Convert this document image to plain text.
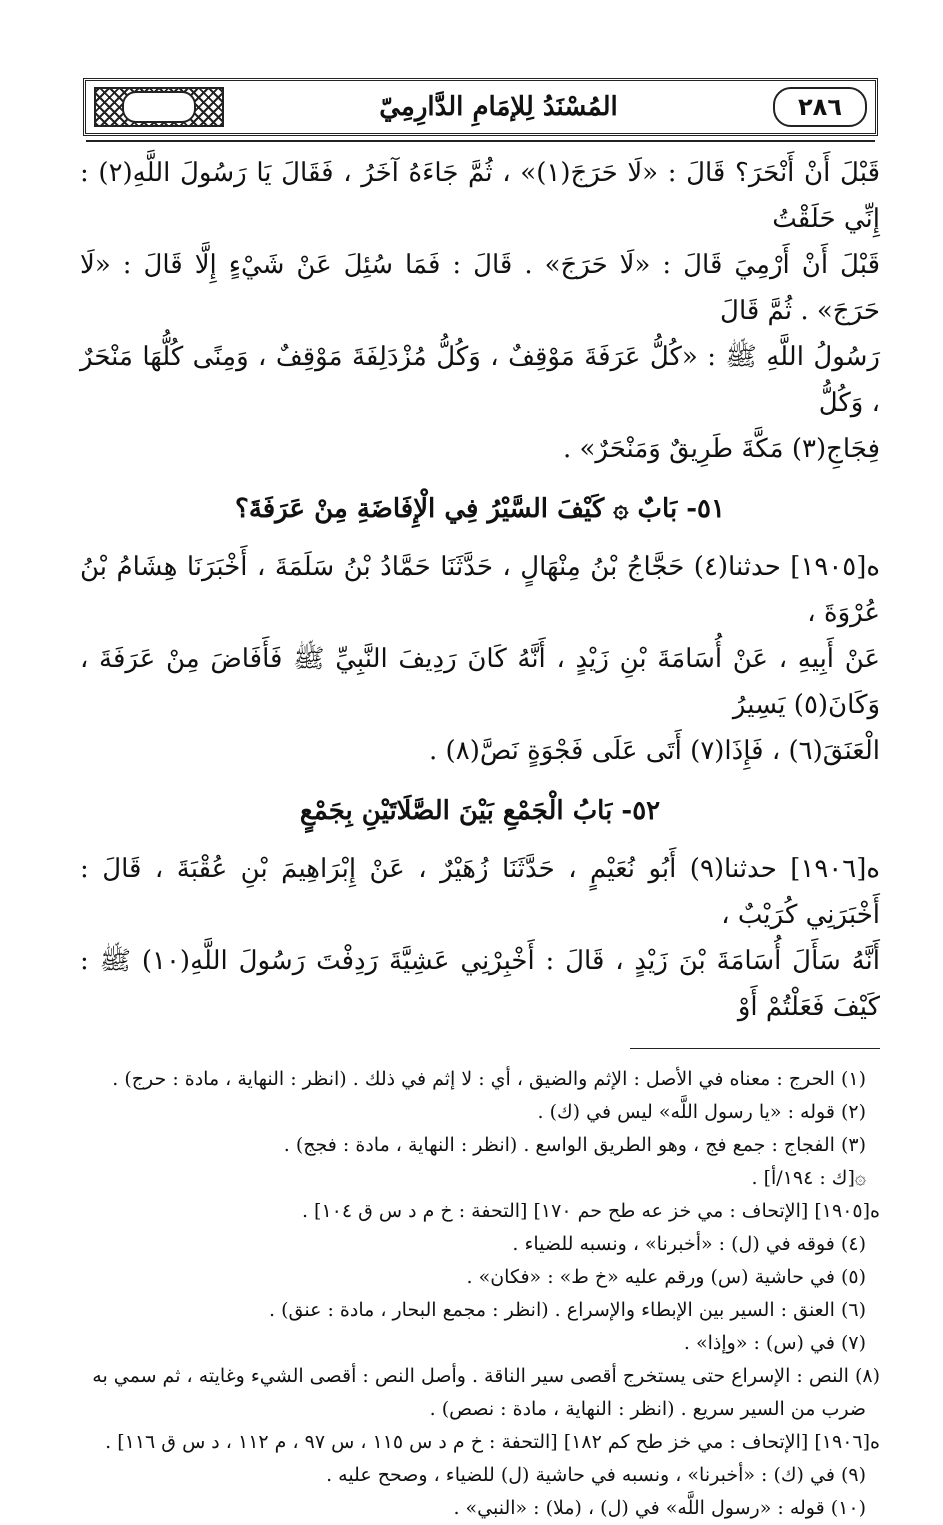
المُسْنَدُ لِلإمَامِ الدَّارِمِيّ	٢٨٦

قَبْلَ أَنْ أَنْحَرَ؟ قَالَ : «لَا حَرَجَ(١)» ، ثُمَّ جَاءَهُ آخَرُ ، فَقَالَ يَا رَسُولَ اللَّهِ(٢) : إِنِّي حَلَقْتُ

قَبْلَ أَنْ أَرْمِيَ قَالَ : «لَا حَرَجَ» . قَالَ : فَمَا سُئِلَ عَنْ شَيْءٍ إِلَّا قَالَ : «لَا حَرَجَ» . ثُمَّ قَالَ

رَسُولُ اللَّهِ ﷺ : «كُلُّ عَرَفَةَ مَوْقِفٌ ، وَكُلُّ مُزْدَلِفَةَ مَوْقِفٌ ، وَمِنًى كُلُّهَا مَنْحَرٌ ، وَكُلُّ

فِجَاجِ(٣) مَكَّةَ طَرِيقٌ وَمَنْحَرٌ» .

٥١- بَابٌ ۞ كَيْفَ السَّيْرُ فِي الْإِفَاضَةِ مِنْ عَرَفَةَ؟

ه[١٩٠٥] حدثنا(٤) حَجَّاجُ بْنُ مِنْهَالٍ ، حَدَّثَنَا حَمَّادُ بْنُ سَلَمَةَ ، أَخْبَرَنَا هِشَامُ بْنُ عُرْوَةَ ،

عَنْ أَبِيهِ ، عَنْ أُسَامَةَ بْنِ زَيْدٍ ، أَنَّهُ كَانَ رَدِيفَ النَّبِيِّ ﷺ فَأَفَاضَ مِنْ عَرَفَةَ ، وَكَانَ(٥) يَسِيرُ

الْعَنَقَ(٦) ، فَإِذَا(٧) أَتَى عَلَى فَجْوَةٍ نَصَّ(٨) .

٥٢- بَابُ الْجَمْعِ بَيْنَ الصَّلَاتَيْنِ بِجَمْعٍ

ه[١٩٠٦] حدثنا(٩) أَبُو نُعَيْمٍ ، حَدَّثَنَا زُهَيْرٌ ، عَنْ إِبْرَاهِيمَ بْنِ عُقْبَةَ ، قَالَ : أَخْبَرَنِي كُرَيْبٌ ،

أَنَّهُ سَأَلَ أُسَامَةَ بْنَ زَيْدٍ ، قَالَ : أَخْبِرْنِي عَشِيَّةَ رَدِفْتَ رَسُولَ اللَّهِ(١٠) ﷺ : كَيْفَ فَعَلْتُمْ أَوْ

(١) الحرج : معناه في الأصل : الإثم والضيق ، أي : لا إثم في ذلك . (انظر : النهاية ، مادة : حرج) .

(٢) قوله : «يا رسول اللَّه» ليس في (ك) .

(٣) الفجاج : جمع فج ، وهو الطريق الواسع . (انظر : النهاية ، مادة : فجج) .

۞[ك : ١٩٤/أ] .

ه[١٩٠٥] [الإتحاف : مي خز عه طح حم ١٧٠] [التحفة : خ م د س ق ١٠٤] .

(٤) فوقه في (ل) : «أخبرنا» ، ونسبه للضياء .

(٥) في حاشية (س) ورقم عليه «خ ط» : «فكان» .

(٦) العنق : السير بين الإبطاء والإسراع . (انظر : مجمع البحار ، مادة : عنق) .

(٧) في (س) : «وإذا» .

(٨) النص : الإسراع حتى يستخرج أقصى سير الناقة . وأصل النص : أقصى الشيء وغايته ، ثم سمي به

ضرب من السير سريع . (انظر : النهاية ، مادة : نصص) .

ه[١٩٠٦] [الإتحاف : مي خز طح كم ١٨٢] [التحفة : خ م د س ١١٥ ، س ٩٧ ، م ١١٢ ، د س ق ١١٦] .

(٩) في (ك) : «أخبرنا» ، ونسبه في حاشية (ل) للضياء ، وصحح عليه .

(١٠) قوله : «رسول اللَّه» في (ل) ، (ملا) : «النبي» .
